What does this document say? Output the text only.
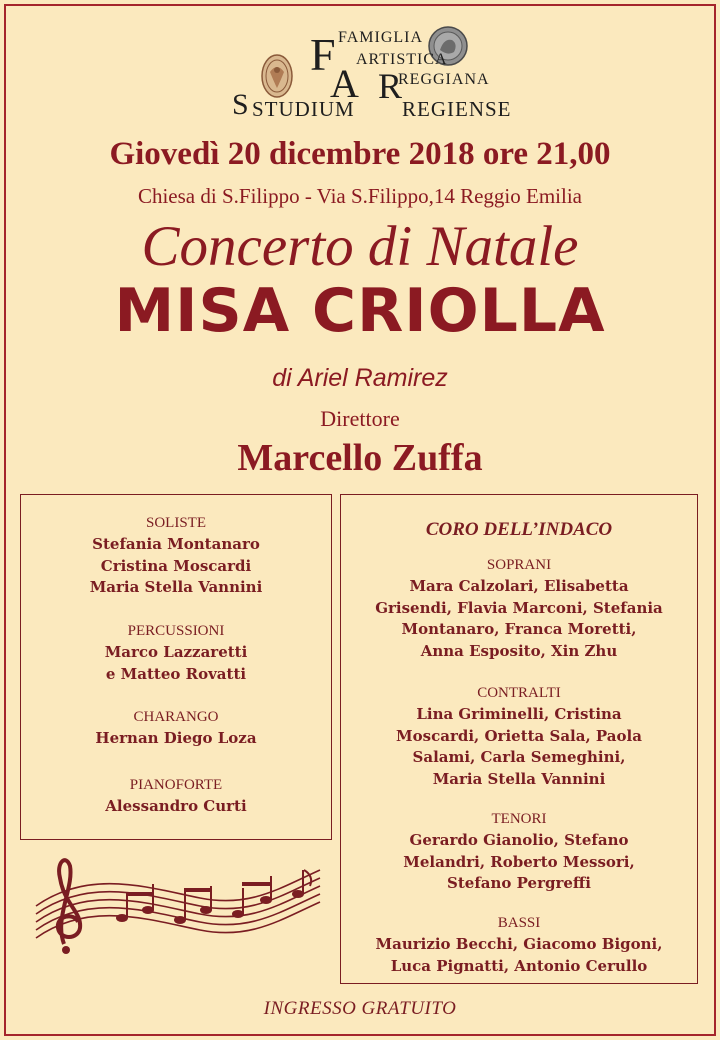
F FAMIGLIA
A
ARTISTICA
R
REGGIANA
S STUDIUM REGIENSE
Giovedì 20 dicembre 2018 ore 21,00
Chiesa di S.Filippo - Via S.Filippo,14 Reggio Emilia
Concerto di Natale
MISA CRIOLLA
di Ariel Ramirez
Direttore
Marcello Zuffa
SOLISTE
Stefania Montanaro
Cristina Moscardi
Maria Stella Vannini
PERCUSSIONI
Marco Lazzaretti
e Matteo Rovatti
CHARANGO
Hernan Diego Loza
PIANOFORTE
Alessandro Curti
CORO DELL’INDACO
SOPRANI
Mara Calzolari, Elisabetta
Grisendi, Flavia Marconi, Stefania
Montanaro, Franca Moretti,
Anna Esposito, Xin Zhu
CONTRALTI
Lina Griminelli, Cristina
Moscardi, Orietta Sala, Paola
Salami, Carla Semeghini,
Maria Stella Vannini
TENORI
Gerardo Gianolio, Stefano
Melandri, Roberto Messori,
Stefano Pergreffi
BASSI
Maurizio Becchi, Giacomo Bigoni,
Luca Pignatti, Antonio Cerullo
INGRESSO GRATUITO
